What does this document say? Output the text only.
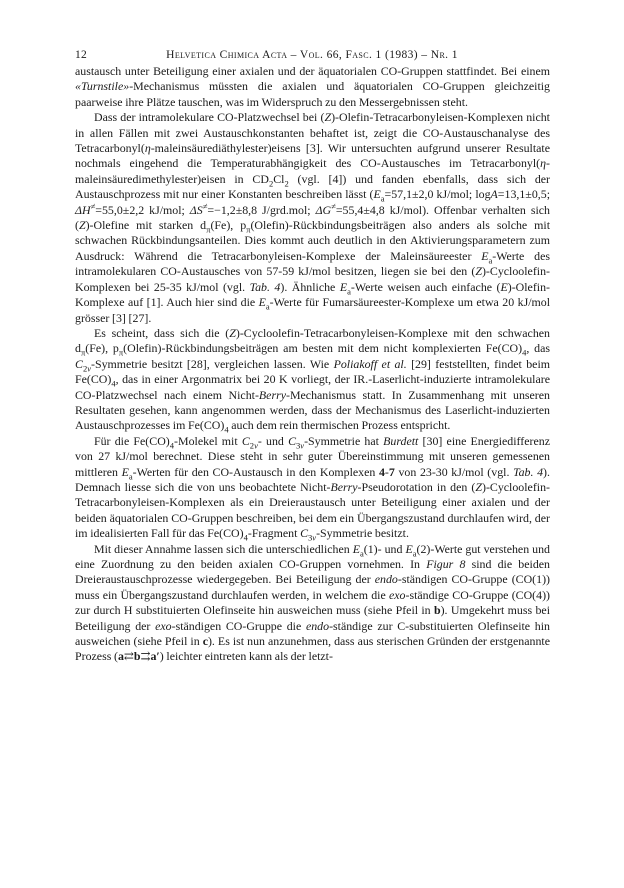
12	Helvetica Chimica Acta – Vol. 66, Fasc. 1 (1983) – Nr. 1

austausch unter Beteiligung einer axialen und der äquatorialen CO-Gruppen stattfindet. Bei einem «Turnstile»-Mechanismus müssten die axialen und äquatorialen CO-Gruppen gleichzeitig paarweise ihre Plätze tauschen, was im Widerspruch zu den Messergebnissen steht.

Dass der intramolekulare CO-Platzwechsel bei (Z)-Olefin-Tetracarbonyleisen-Komplexen nicht in allen Fällen mit zwei Austauschkonstanten behaftet ist, zeigt die CO-Austauschanalyse des Tetracarbonyl(η-maleinsäurediäthylester)eisens [3]. Wir untersuchten aufgrund unserer Resultate nochmals eingehend die Temperaturabhängigkeit des CO-Austausches im Tetracarbonyl(η-maleinsäuredimethylester)eisen in $CD_2Cl_2$ (vgl. [4]) und fanden ebenfalls, dass sich der Austauschprozess mit nur einer Konstanten beschreiben lässt ($E_a=57,1\pm 2,0$ kJ/mol; logA=13,1±0,5; ΔH≠=55,0±2,2 kJ/mol; ΔS≠=−1,2±8,8 J/grd.mol; ΔG≠=55,4±4,8 kJ/mol). Offenbar verhalten sich (Z)-Olefine mit starken $d_\pi(Fe)$, $p_\pi(Olefin)$-Rückbindungsbeiträgen also anders als solche mit schwachen Rückbindungsanteilen. Dies kommt auch deutlich in den Aktivierungsparametern zum Ausdruck: Während die Tetracarbonyleisen-Komplexe der Maleinsäureester $E_a$-Werte des intramolekularen CO-Austausches von 57-59 kJ/mol besitzen, liegen sie bei den (Z)-Cycloolefin-Komplexen bei 25-35 kJ/mol (vgl. Tab. 4). Ähnliche $E_a$-Werte weisen auch einfache (E)-Olefin-Komplexe auf [1]. Auch hier sind die $E_a$-Werte für Fumarsäureester-Komplexe um etwa 20 kJ/mol grösser [3] [27].

Es scheint, dass sich die (Z)-Cycloolefin-Tetracarbonyleisen-Komplexe mit den schwachen $d_\pi(Fe)$, $p_\pi(Olefin)$-Rückbindungsbeiträgen am besten mit dem nicht komplexierten $Fe(CO)_4$, das $C_{2v}$-Symmetrie besitzt [28], vergleichen lassen. Wie Poliakoff et al. [29] feststellten, findet beim $Fe(CO)_4$, das in einer Argonmatrix bei 20 K vorliegt, der IR.-Laserlicht-induzierte intramolekulare CO-Platzwechsel nach einem Nicht-Berry-Mechanismus statt. In Zusammenhang mit unseren Resultaten gesehen, kann angenommen werden, dass der Mechanismus des Laserlicht-induzierten Austauschprozesses im $Fe(CO)_4$ auch dem rein thermischen Prozess entspricht.

Für die $Fe(CO)_4$-Molekel mit $C_{2v}-$ und $C_{3v}$-Symmetrie hat Burdett [30] eine Energiedifferenz von 27 kJ/mol berechnet. Diese steht in sehr guter Übereinstimmung mit unseren gemessenen mittleren $E_a$-Werten für den CO-Austausch in den Komplexen 4-7 von 23-30 kJ/mol (vgl. Tab. 4). Demnach liesse sich die von uns beobachtete Nicht-Berry-Pseudorotation in den (Z)-Cycloolefin-Tetracarbonyleisen-Komplexen als ein Dreieraustausch unter Beteiligung einer axialen und der beiden äquatorialen CO-Gruppen beschreiben, bei dem ein Übergangszustand durchlaufen wird, der im idealisierten Fall für das $Fe(CO)_4$-Fragment $C_{3v}$-Symmetrie besitzt.

Mit dieser Annahme lassen sich die unterschiedlichen $E_a(1)-$ und $E_a(2)$-Werte gut verstehen und eine Zuordnung zu den beiden axialen CO-Gruppen vornehmen. In Figur 8 sind die beiden Dreieraustauschprozesse wiedergegeben. Bei Beteiligung der endo-ständigen CO-Gruppe (CO(1)) muss ein Übergangszustand durchlaufen werden, in welchem die exo-ständige CO-Gruppe (CO(4)) zur durch H substituierten Olefinseite hin ausweichen muss (siehe Pfeil in b). Umgekehrt muss bei Beteiligung der exo-ständigen CO-Gruppe die endo-ständige zur C-substituierten Olefinseite hin ausweichen (siehe Pfeil in c). Es ist nun anzunehmen, dass aus sterischen Gründen der erstgenannte Prozess (a⇄b⇉a′) leichter eintreten kann als der letzt-
